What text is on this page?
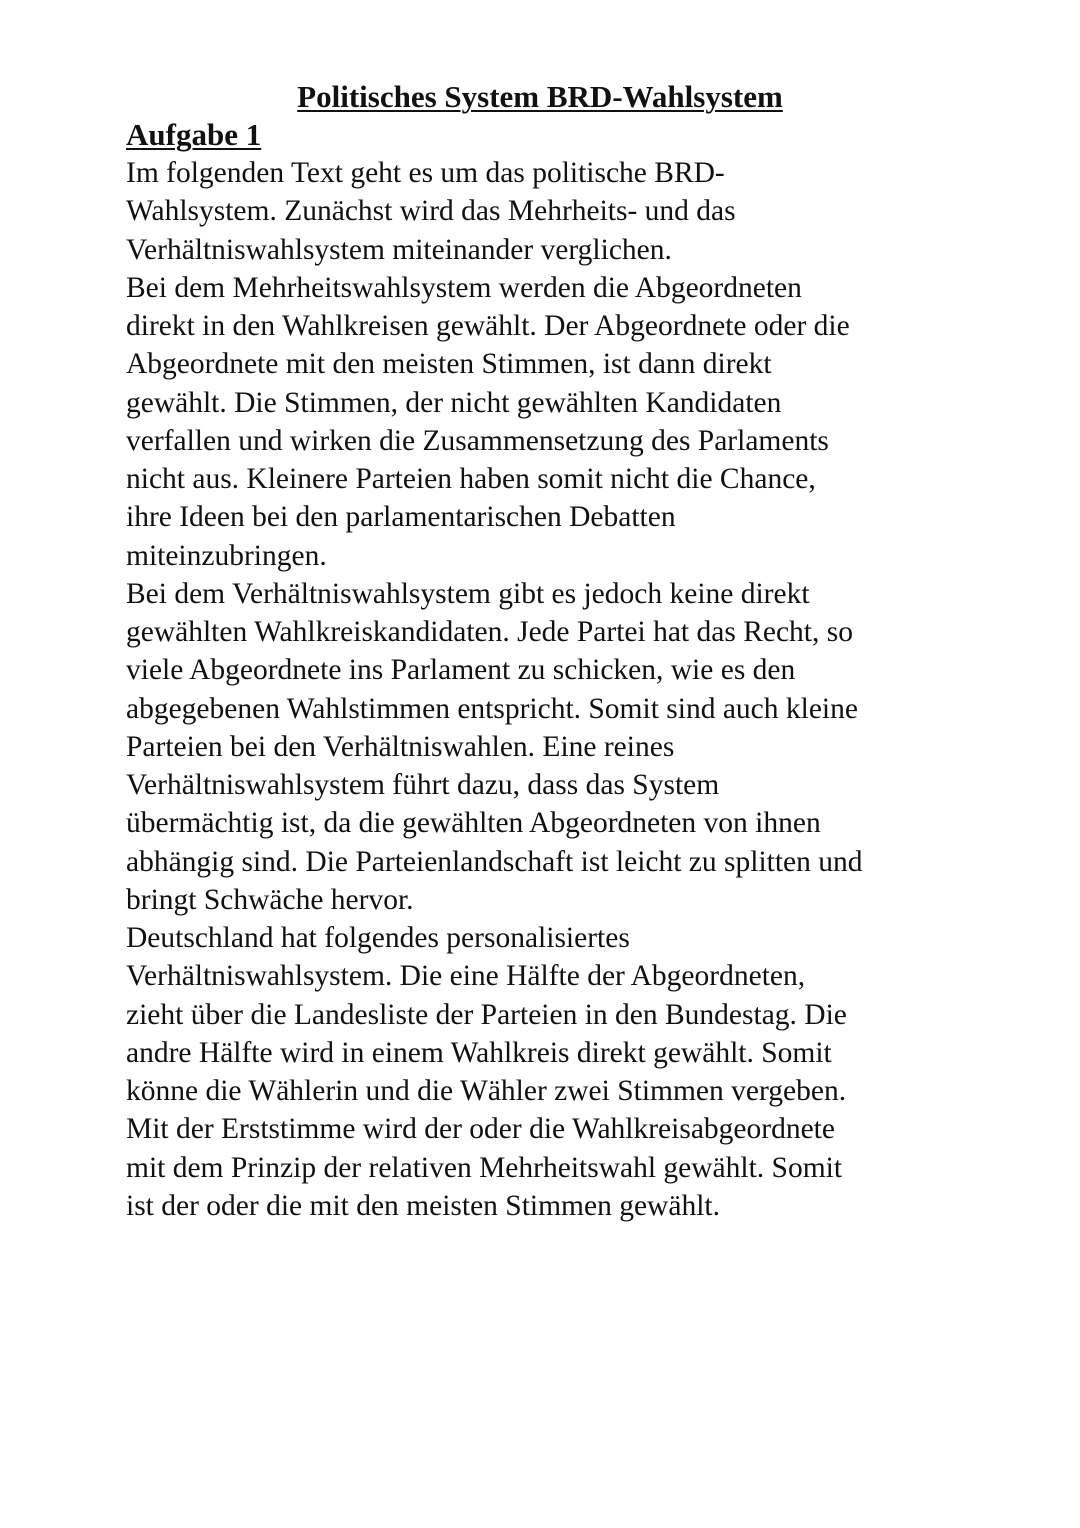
Politisches System BRD-Wahlsystem
Aufgabe 1
Im folgenden Text geht es um das politische BRD-
Wahlsystem. Zunächst wird das Mehrheits- und das
Verhältniswahlsystem miteinander verglichen.
Bei dem Mehrheitswahlsystem werden die Abgeordneten
direkt in den Wahlkreisen gewählt. Der Abgeordnete oder die
Abgeordnete mit den meisten Stimmen, ist dann direkt
gewählt. Die Stimmen, der nicht gewählten Kandidaten
verfallen und wirken die Zusammensetzung des Parlaments
nicht aus. Kleinere Parteien haben somit nicht die Chance,
ihre Ideen bei den parlamentarischen Debatten
miteinzubringen.
Bei dem Verhältniswahlsystem gibt es jedoch keine direkt
gewählten Wahlkreiskandidaten. Jede Partei hat das Recht, so
viele Abgeordnete ins Parlament zu schicken, wie es den
abgegebenen Wahlstimmen entspricht. Somit sind auch kleine
Parteien bei den Verhältniswahlen. Eine reines
Verhältniswahlsystem führt dazu, dass das System
übermächtig ist, da die gewählten Abgeordneten von ihnen
abhängig sind. Die Parteienlandschaft ist leicht zu splitten und
bringt Schwäche hervor.
Deutschland hat folgendes personalisiertes
Verhältniswahlsystem. Die eine Hälfte der Abgeordneten,
zieht über die Landesliste der Parteien in den Bundestag. Die
andre Hälfte wird in einem Wahlkreis direkt gewählt. Somit
könne die Wählerin und die Wähler zwei Stimmen vergeben.
Mit der Erststimme wird der oder die Wahlkreisabgeordnete
mit dem Prinzip der relativen Mehrheitswahl gewählt. Somit
ist der oder die mit den meisten Stimmen gewählt.
